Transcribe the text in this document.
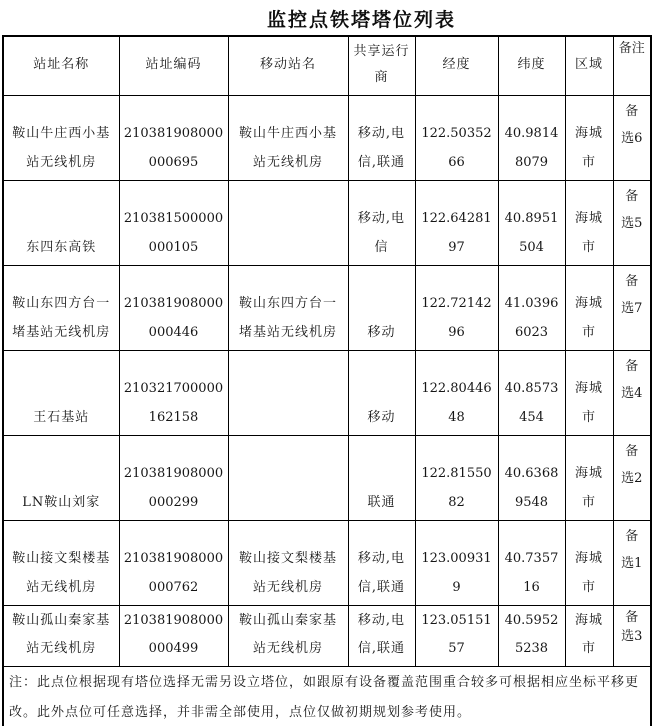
监控点铁塔塔位列表
站址名称	站址编码	移动站名	共享运行商	经度	纬度	区域	备注
鞍山牛庄西小基站无线机房	210381908000000695	鞍山牛庄西小基站无线机房	移动,电信,联通	122.5035266	40.98148079	海城市	备选6
东四东高铁	210381500000000105		移动,电信	122.6428197	40.8951504	海城市	备选5
鞍山东四方台一堵基站无线机房	210381908000000446	鞍山东四方台一堵基站无线机房	移动	122.7214296	41.03966023	海城市	备选7
王石基站	210321700000162158		移动	122.8044648	40.8573454	海城市	备选4
LN鞍山刘家	210381908000000299		联通	122.8155082	40.63689548	海城市	备选2
鞍山接文梨楼基站无线机房	210381908000000762	鞍山接文梨楼基站无线机房	移动,电信,联通	123.009319	40.735716	海城市	备选1
鞍山孤山秦家基站无线机房	210381908000000499	鞍山孤山秦家基站无线机房	移动,电信,联通	123.0515157	40.59525238	海城市	备选3
注：此点位根据现有塔位选择无需另设立塔位，如跟原有设备覆盖范围重合较多可根据相应坐标平移更改。此外点位可任意选择，并非需全部使用，点位仅做初期规划参考使用。							
